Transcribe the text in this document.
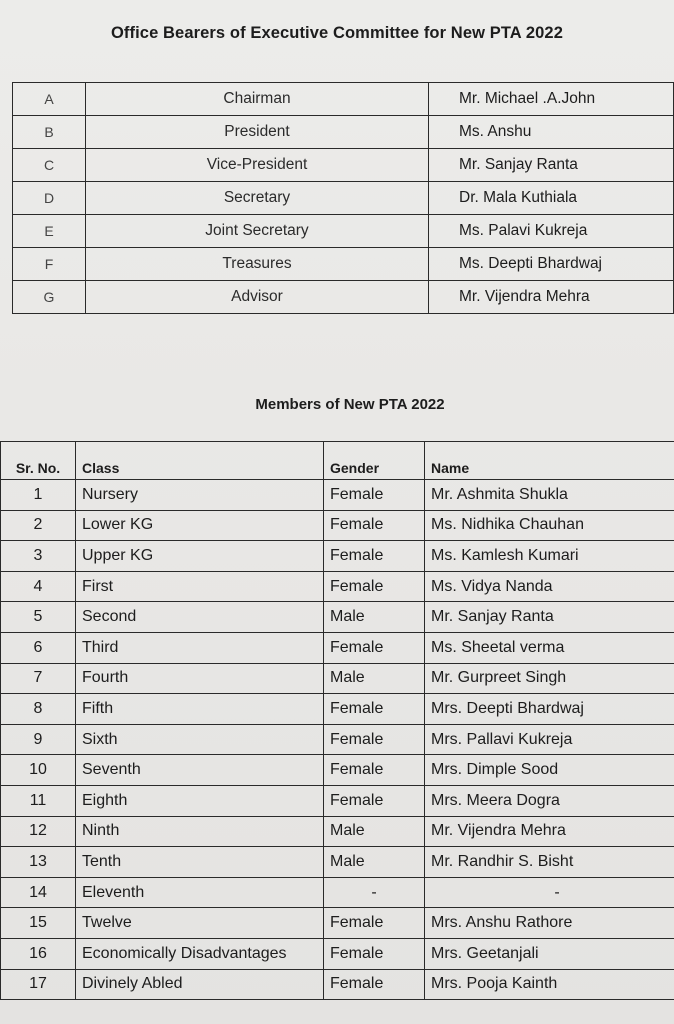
Office Bearers of Executive Committee for New PTA 2022
A	Chairman	Mr. Michael .A.John
B	President	Ms. Anshu
C	Vice-President	Mr. Sanjay Ranta
D	Secretary	Dr. Mala Kuthiala
E	Joint Secretary	Ms. Palavi Kukreja
F	Treasures	Ms. Deepti Bhardwaj
G	Advisor	Mr. Vijendra Mehra
Members of New PTA 2022
Sr. No.	Class	Gender	Name
1	Nursery	Female	Mr. Ashmita Shukla
2	Lower KG	Female	Ms. Nidhika Chauhan
3	Upper KG	Female	Ms. Kamlesh Kumari
4	First	Female	Ms. Vidya Nanda
5	Second	Male	Mr. Sanjay Ranta
6	Third	Female	Ms. Sheetal verma
7	Fourth	Male	Mr. Gurpreet Singh
8	Fifth	Female	Mrs. Deepti Bhardwaj
9	Sixth	Female	Mrs. Pallavi Kukreja
10	Seventh	Female	Mrs. Dimple Sood
11	Eighth	Female	Mrs. Meera Dogra
12	Ninth	Male	Mr. Vijendra Mehra
13	Tenth	Male	Mr. Randhir S. Bisht
14	Eleventh	-	-
15	Twelve	Female	Mrs. Anshu Rathore
16	Economically Disadvantages	Female	Mrs. Geetanjali
17	Divinely Abled	Female	Mrs. Pooja Kainth
